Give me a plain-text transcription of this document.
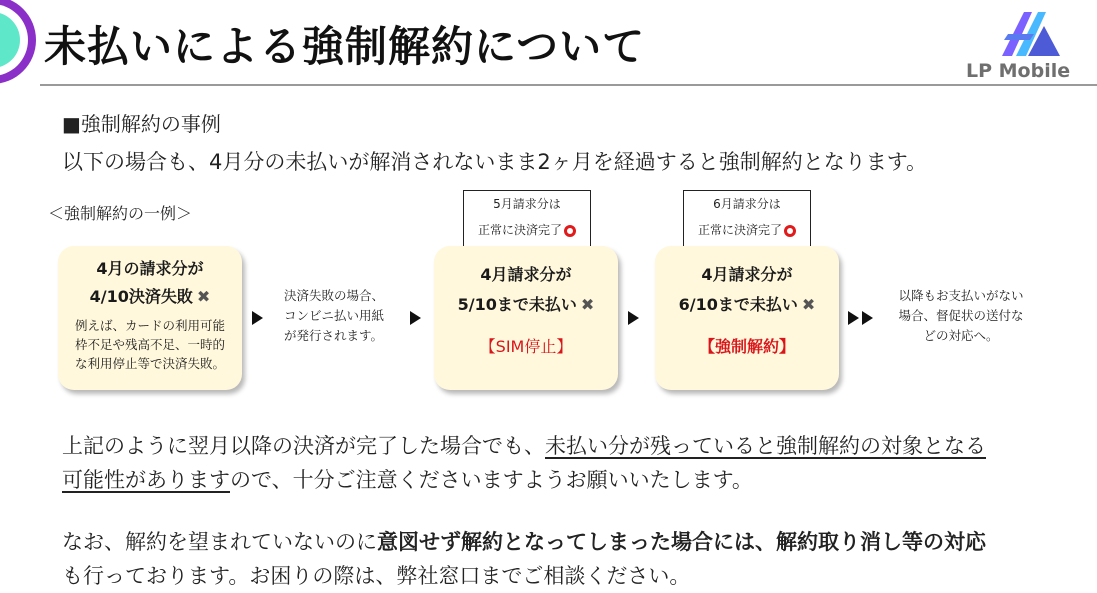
未払いによる強制解約について	LP Mobile
■強制解約の事例
以下の場合も、4月分の未払いが解消されないまま2ヶ月を経過すると強制解約となります。
＜強制解約の一例＞	5月請求分は
正常に決済完了
6月請求分は
正常に決済完了
4月の請求分が
4/10決済失敗 ✖
例えば、カードの利用可能
枠不足や残高不足、一時的
な利用停止等で決済失敗。
決済失敗の場合、
コンビニ払い用紙
が発行されます。
4月請求分が
5/10まで未払い ✖
【SIM停止】
4月請求分が
6/10まで未払い ✖
【強制解約】
以降もお支払いがない
場合、督促状の送付な
どの対応へ。
上記のように翌月以降の決済が完了した場合でも、未払い分が残っていると強制解約の対象となる
可能性がありますので、十分ご注意くださいますようお願いいたします。
なお、解約を望まれていないのに意図せず解約となってしまった場合には、解約取り消し等の対応
も行っております。お困りの際は、弊社窓口までご相談ください。
